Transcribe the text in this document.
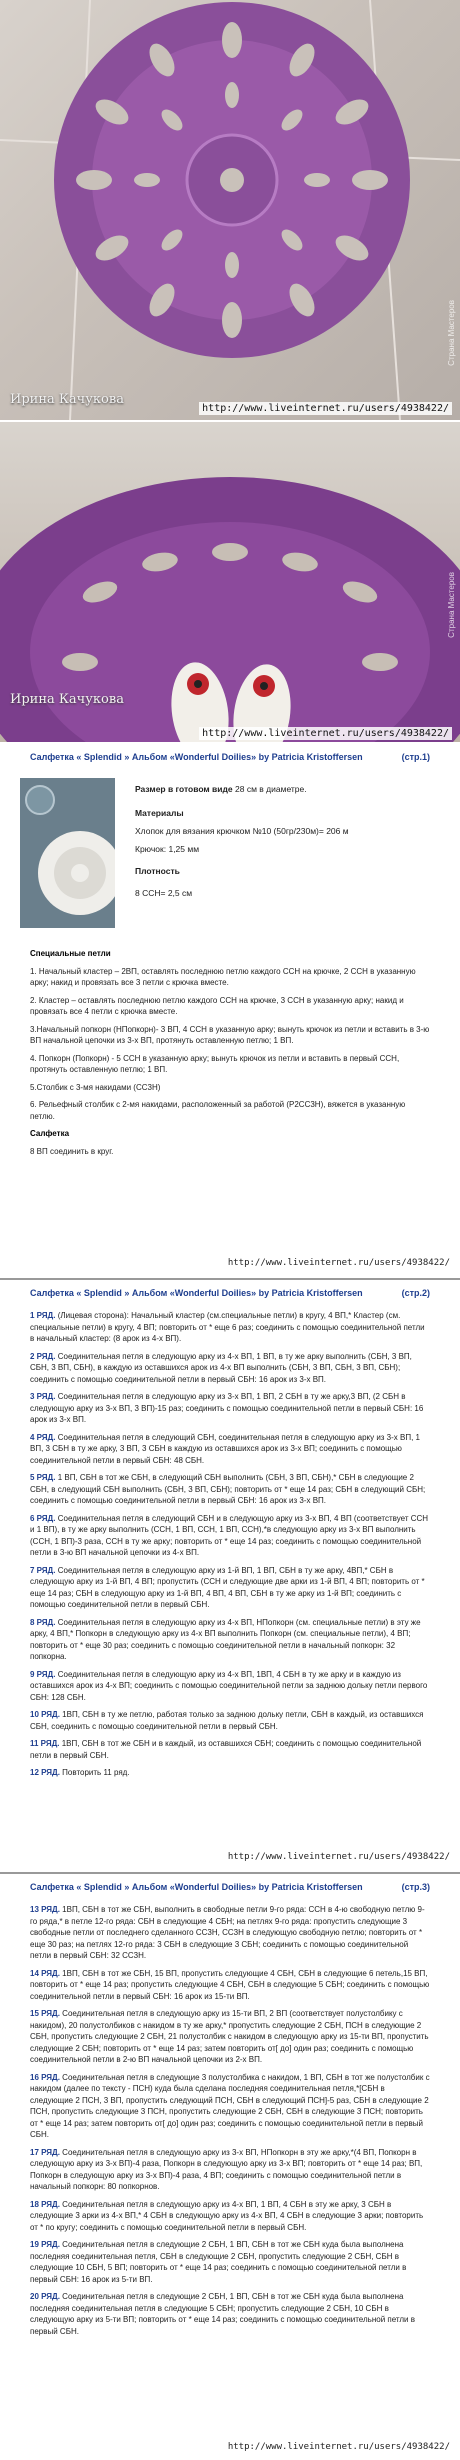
Ирина Качукова
http://www.liveinternet.ru/users/4938422/
Страна Мастеров
Ирина Качукова
http://www.liveinternet.ru/users/4938422/
Страна Мастеров
Салфетка « Splendid » Альбом «Wonderful Doilies» by Patricia Kristoffersen	(стр.1)
Размер в готовом виде 28 см в диаметре.
Материалы
Хлопок для вязания крючком №10 (50гр/230м)= 206 м
Крючок: 1,25 мм
Плотность
8 ССН= 2,5 см
Специальные петли
1. Начальный кластер – 2ВП, оставлять последнюю петлю каждого ССН на крючке, 2 ССН в указанную арку; накид и провязать все 3 петли с крючка вместе.
2. Кластер – оставлять последнюю петлю каждого ССН на крючке, 3 ССН в указанную арку; накид и провязать все 4 петли с крючка вместе.
3.Начальный попкорн (НПопкорн)- 3 ВП, 4 ССН в указанную арку; вынуть крючок из петли и вставить в 3-ю ВП начальной цепочки из 3-х ВП, протянуть оставленную петлю; 1 ВП.
4. Попкорн (Попкорн) - 5 ССН в указанную арку; вынуть крючок из петли и вставить в первый ССН, протянуть оставленную петлю; 1 ВП.
5.Столбик с 3-мя накидами (СС3Н)
6. Рельефный столбик с 2-мя накидами, расположенный за работой (Р2СС3Н), вяжется в указанную петлю.
Салфетка
8 ВП соединить в круг.
http://www.liveinternet.ru/users/4938422/
Салфетка « Splendid » Альбом «Wonderful Doilies» by Patricia Kristoffersen	(стр.2)
1 РЯД. (Лицевая сторона): Начальный кластер (см.специальные петли) в кругу, 4 ВП,* Кластер (см. специальные петли) в кругу, 4 ВП; повторить от * еще 6 раз; соединить с помощью соединительной петли в начальный кластер: (8 арок из 4-х ВП).
2 РЯД. Соединительная петля в следующую арку из 4-х ВП, 1 ВП, в ту же арку выполнить (СБН, 3 ВП, СБН, 3 ВП, СБН), в каждую из оставшихся арок из 4-х ВП выполнить (СБН, 3 ВП, СБН, 3 ВП, СБН); соединить с помощью соединительной петли в первый СБН: 16 арок из 3-х ВП.
3 РЯД. Соединительная петля в следующую арку из 3-х ВП, 1 ВП, 2 СБН в ту же арку,3 ВП, (2 СБН в следующую арку из 3-х ВП, 3 ВП)-15 раз; соединить с помощью соединительной петли в первый СБН: 16 арок из 3-х ВП.
4 РЯД. Соединительная петля в следующий СБН, соединительная петля в следующую арку из 3-х ВП, 1 ВП, 3 СБН в ту же арку, 3 ВП, 3 СБН в каждую из оставшихся арок из 3-х ВП; соединить с помощью соединительной петли в первый СБН: 48 СБН.
5 РЯД. 1 ВП, СБН в тот же СБН, в следующий СБН выполнить (СБН, 3 ВП, СБН),* СБН в следующие 2 СБН, в следующий СБН выполнить (СБН, 3 ВП, СБН); повторить от * еще 14 раз; СБН в следующий СБН; соединить с помощью соединительной петли в первый СБН: 16 арок из 3-х ВП.
6 РЯД. Соединительная петля в следующий СБН и в следующую арку из 3-х ВП, 4 ВП (соответствует ССН и 1 ВП), в ту же арку выполнить (ССН, 1 ВП, ССН, 1 ВП, ССН),*в следующую арку из 3-х ВП выполнить (ССН, 1 ВП)-3 раза, ССН в ту же арку; повторить от * еще 14 раз; соединить с помощью соединительной петли в 3-ю ВП начальной цепочки из 4-х ВП.
7 РЯД. Соединительная петля в следующую арку из 1-й ВП, 1 ВП, СБН в ту же арку, 4ВП,* СБН в следующую арку из 1-й ВП, 4 ВП; пропустить (ССН и следующие две арки из 1-й ВП, 4 ВП; повторить от * еще 14 раз; СБН в следующую арку из 1-й ВП, 4 ВП, 4 ВП, СБН в ту же арку из 1-й ВП; соединить с помощью соединительной петли в первый СБН.
8 РЯД. Соединительная петля в следующую арку из 4-х ВП, НПопкорн (см. специальные петли) в эту же арку, 4 ВП,* Попкорн в следующую арку из 4-х ВП выполнить Попкорн (см. специальные петли), 4 ВП; повторить от * еще 30 раз; соединить с помощью соединительной петли в начальный попкорн: 32 попкорна.
9 РЯД. Соединительная петля в следующую арку из 4-х ВП, 1ВП, 4 СБН в ту же арку и в каждую из оставшихся арок из 4-х ВП; соединить с помощью соединительной петли за заднюю дольку петли первого СБН: 128 СБН.
10 РЯД. 1ВП, СБН в ту же петлю, работая только за заднюю дольку петли, СБН в каждый, из оставшихся СБН, соединить с помощью соединительной петли в первый СБН.
11 РЯД. 1ВП, СБН в тот же СБН и в каждый, из оставшихся СБН; соединить с помощью соединительной петли в первый СБН.
12 РЯД. Повторить 11 ряд.
http://www.liveinternet.ru/users/4938422/
Салфетка « Splendid » Альбом «Wonderful Doilies» by Patricia Kristoffersen	(стр.3)
13 РЯД. 1ВП, СБН в тот же СБН, выполнить в свободные петли 9-го ряда: ССН в 4-ю свободную петлю 9-го ряда,* в петле 12-го ряда: СБН в следующие 4 СБН; на петлях 9-го ряда: пропустить следующие 3 свободные петли от последнего сделанного СС3Н, СС3Н в следующую свободную петлю; повторить от * еще 30 раз; на петлях 12-го ряда: 3 СБН в следующие 3 СБН; соединить с помощью соединительной петли в первый СБН: 32 СС3Н.
14 РЯД. 1ВП, СБН в тот же СБН, 15 ВП, пропустить следующие 4 СБН, СБН в следующие 6 петель,15 ВП, повторить от * еще 14 раз; пропустить следующие 4 СБН, СБН в следующие 5 СБН; соединить с помощью соединительной петли в первый СБН: 16 арок из 15-ти ВП.
15 РЯД. Соединительная петля в следующую арку из 15-ти ВП, 2 ВП (соответствует полустолбику с накидом), 20 полустолбиков с накидом в ту же арку,* пропустить следующие 2 СБН, ПСН в следующие 2 СБН, пропустить следующие 2 СБН, 21 полустолбик с накидом в следующую арку из 15-ти ВП, пропустить следующие 2 СБН; повторить от * еще 14 раз; затем повторить от[ до] один раз; соединить с помощью соединительной петли в 2-ю ВП начальной цепочки из 2-х ВП.
16 РЯД. Соединительная петля в следующие 3 полустолбика с накидом, 1 ВП, СБН в тот же полустолбик с накидом (далее по тексту - ПСН) куда была сделана последняя соединительная петля,*[СБН в следующие 2 ПСН, 3 ВП, пропустить следующий ПСН, СБН в следующий ПСН]-5 раз, СБН в следующие 2 ПСН, пропустить следующие 3 ПСН, пропустить следующие 2 СБН, СБН в следующие 3 ПСН; повторить от * еще 14 раз; затем повторить от[ до] один раз; соединить с помощью соединительной петли в первый СБН.
17 РЯД. Соединительная петля в следующую арку из 3-х ВП, НПопкорн в эту же арку,*(4 ВП, Попкорн в следующую арку из 3-х ВП)-4 раза, Попкорн в следующую арку из 3-х ВП; повторить от * еще 14 раз; ВП, Попкорн в следующую арку из 3-х ВП)-4 раза, 4 ВП; соединить с помощью соединительной петли в начальный попкорн: 80 попкорнов.
18 РЯД. Соединительная петля в следующую арку из 4-х ВП, 1 ВП, 4 СБН в эту же арку, 3 СБН в следующие 3 арки из 4-х ВП,* 4 СБН в следующую арку из 4-х ВП, 4 СБН в следующие 3 арки; повторить от * по кругу; соединить с помощью соединительной петли в первый СБН.
19 РЯД. Соединительная петля в следующие 2 СБН, 1 ВП, СБН в тот же СБН куда была выполнена последняя соединительная петля, СБН в следующие 2 СБН, пропустить следующие 2 СБН, СБН в следующие 10 СБН, 5 ВП; повторить от * еще 14 раз; соединить с помощью соединительной петли в первый СБН: 16 арок из 5-ти ВП.
20 РЯД. Соединительная петля в следующие 2 СБН, 1 ВП, СБН в тот же СБН куда была выполнена последняя соединительная петля в следующие 5 СБН; пропустить следующие 2 СБН, 10 СБН в следующую арку из 5-ти ВП; повторить от * еще 14 раз; соединить с помощью соединительной петли в первый СБН.
http://www.liveinternet.ru/users/4938422/
